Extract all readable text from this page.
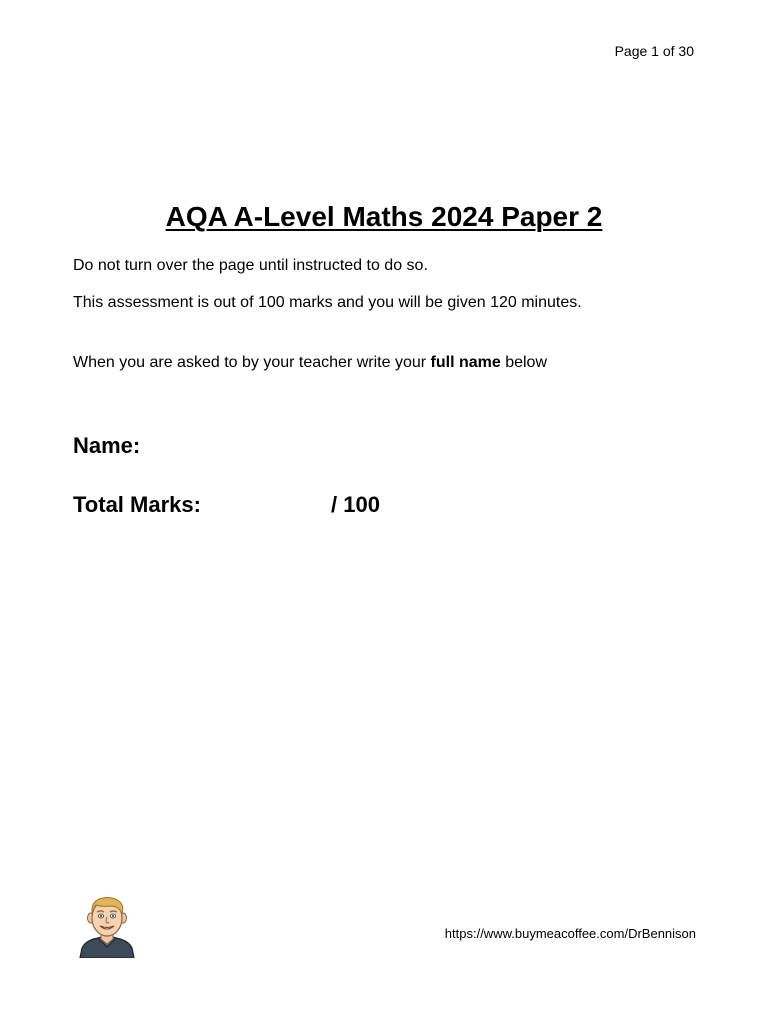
Page 1 of 30
AQA A-Level Maths 2024 Paper 2

Do not turn over the page until instructed to do so.

This assessment is out of 100 marks and you will be given 120 minutes.

When you are asked to by your teacher write your full name below

Name:
Total Marks:	/ 100
https://www.buymeacoffee.com/DrBennison
